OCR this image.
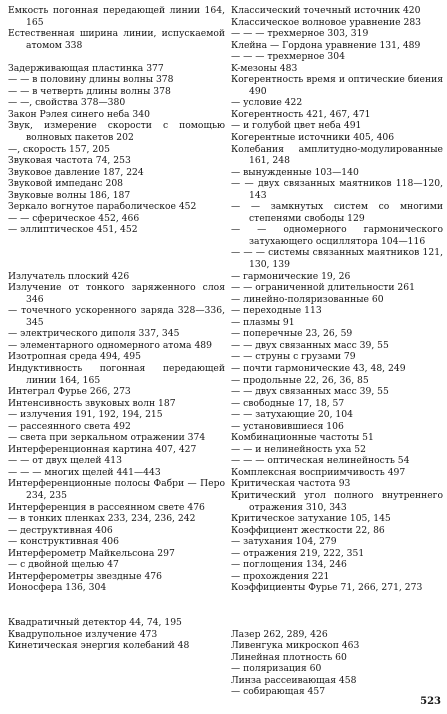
Емкость погонная передающей линии 164, 165
Естественная ширина линии, испускаемой атомом 338
Задерживающая пластинка 377
— — в половину длины волны 378
— — в четверть длины волны 378
— —, свойства 378—380
Закон Рэлея синего неба 340
Звук, измерение скорости с помощью волновых пакетов 202
—, скорость 157, 205
Звуковая частота 74, 253
Звуковое давление 187, 224
Звуковой импеданс 208
Звуковые волны 186, 187
Зеркало вогнутое параболическое 452
— — сферическое 452, 466
— эллиптическое 451, 452
Излучатель плоский 426
Излучение от тонкого заряженного слоя 346
— точечного ускоренного заряда 328—336, 345
— электрического диполя 337, 345
— элементарного одномерного атома 489
Изотропная среда 494, 495
Индуктивность погонная передающей линии 164, 165
Интеграл Фурье 266, 273
Интенсивность звуковых волн 187
— излучения 191, 192, 194, 215
— рассеянного света 492
— света при зеркальном отражении 374
Интерференционная картина 407, 427
— — от двух щелей 413
— — — многих щелей 441—443
Интерференционные полосы Фабри — Перо 234, 235
Интерференция в рассеянном свете 476
— в тонких пленках 233, 234, 236, 242
— деструктивная 406
— конструктивная 406
Интерферометр Майкельсона 297
— с двойной щелью 47
Интерферометры звездные 476
Ионосфера 136, 304
Квадратичный детектор 44, 74, 195
Квадрупольное излучение 473
Кинетическая энергия колебаний 48
Классический точечный источник 420
Классическое волновое уравнение 283
— — — трехмерное 303, 319
Клейна — Гордона уравнение 131, 489
— — — трехмерное 304
K-мезоны 483
Когерентность время и оптические биения 490
— условие 422
Когерентность 421, 467, 471
— и голубой цвет неба 491
Когерентные источники 405, 406
Колебания амплитудно-модулированные 161, 248
— вынужденные 103—140
— — двух связанных маятников 118—120, 143
— — замкнутых систем со многими степенями свободы 129
— — одномерного гармонического затухающего осциллятора 104—116
— — — системы связанных маятников 121, 130, 139
— гармонические 19, 26
— — ограниченной длительности 261
— линейно-поляризованные 60
— переходные 113
— плазмы 91
— поперечные 23, 26, 59
— — двух связанных масс 39, 55
— — струны с грузами 79
— почти гармонические 43, 48, 249
— продольные 22, 26, 36, 85
— — двух связанных масс 39, 55
— свободные 17, 18, 57
— — затухающие 20, 104
— установившиеся 106
Комбинационные частоты 51
— — и нелинейность уха 52
— — — оптическая нелинейность 54
Комплексная восприимчивость 497
Критическая частота 93
Критический угол полного внутреннего отражения 310, 343
Критическое затухание 105, 145
Коэффициент жесткости 22, 86
— затухания 104, 279
— отражения 219, 222, 351
— поглощения 134, 246
— прохождения 221
Коэффициенты Фурье 71, 266, 271, 273
Лазер 262, 289, 426
Ливенгука микроскоп 463
Линейная плотность 60
— поляризация 60
Линза рассеивающая 458
— собирающая 457
523
